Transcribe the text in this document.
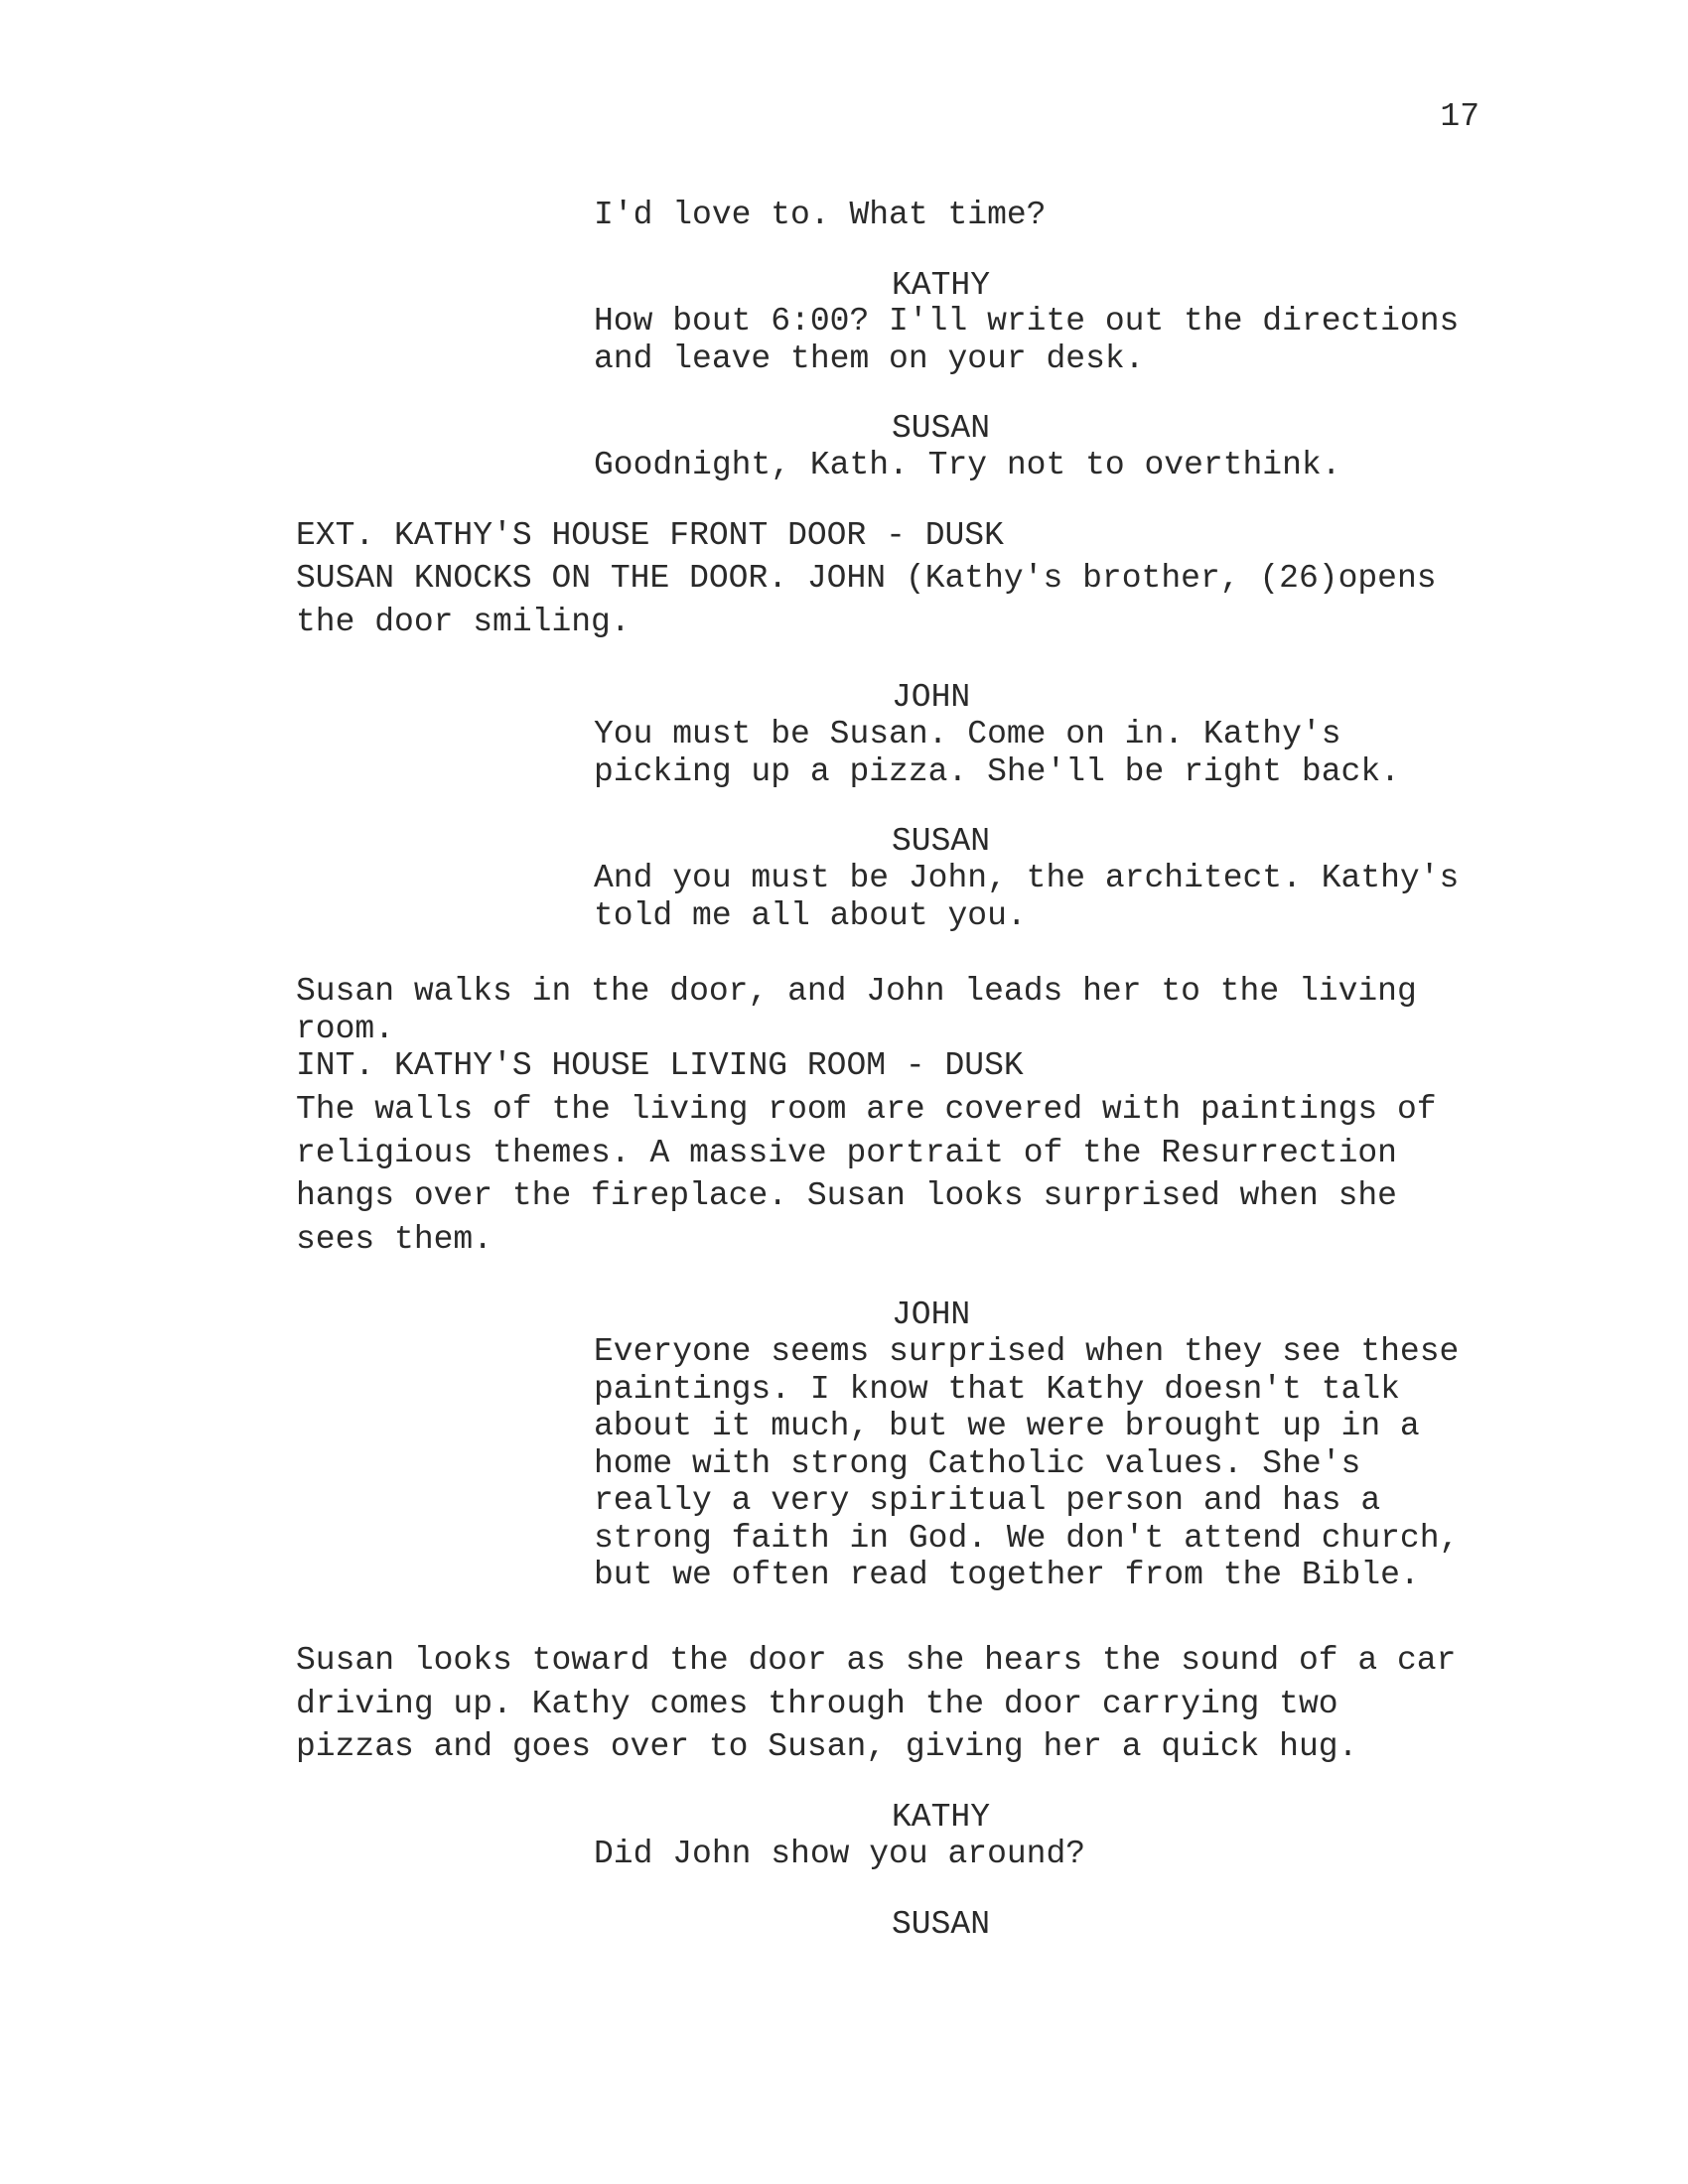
17

I'd love to. What time?

KATHY

How bout 6:00? I'll write out the directions
and leave them on your desk.

SUSAN

Goodnight, Kath. Try not to overthink.

EXT. KATHY'S HOUSE FRONT DOOR - DUSK

SUSAN KNOCKS ON THE DOOR. JOHN (Kathy's brother, (26)opens
the door smiling.

JOHN

You must be Susan. Come on in. Kathy's
picking up a pizza. She'll be right back.

SUSAN

And you must be John, the architect. Kathy's
told me all about you.

Susan walks in the door, and John leads her to the living
room.

INT. KATHY'S HOUSE LIVING ROOM - DUSK

The walls of the living room are covered with paintings of
religious themes. A massive portrait of the Resurrection
hangs over the fireplace. Susan looks surprised when she
sees them.

JOHN

Everyone seems surprised when they see these
paintings. I know that Kathy doesn't talk
about it much, but we were brought up in a
home with strong Catholic values. She's
really a very spiritual person and has a
strong faith in God. We don't attend church,
but we often read together from the Bible.

Susan looks toward the door as she hears the sound of a car
driving up. Kathy comes through the door carrying two
pizzas and goes over to Susan, giving her a quick hug.

KATHY

Did John show you around?

SUSAN
